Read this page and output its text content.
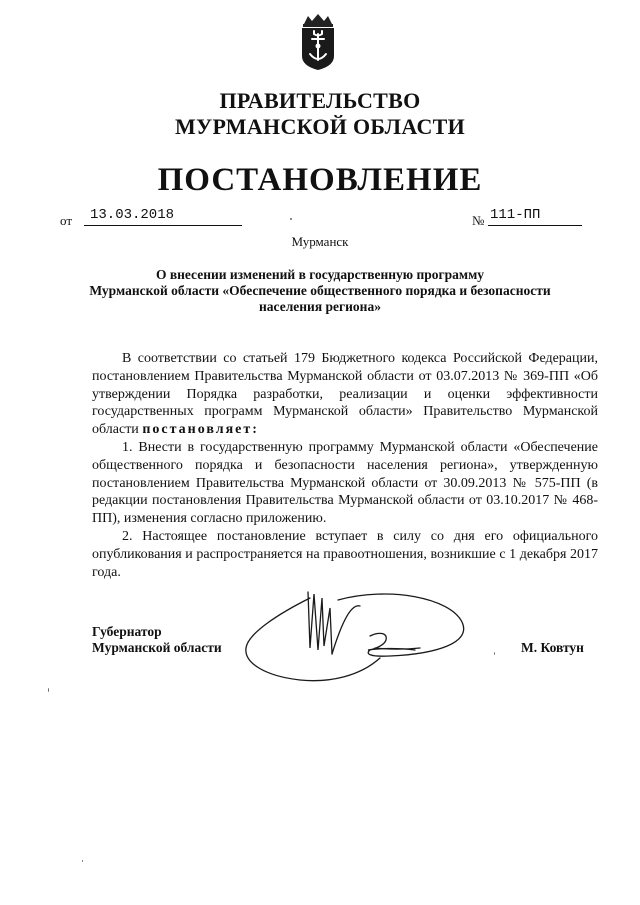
ПРАВИТЕЛЬСТВО
МУРМАНСКОЙ ОБЛАСТИ
ПОСТАНОВЛЕНИЕ
от	13.03.2018	№ 111-ПП
Мурманск
О внесении изменений в государственную программу
Мурманской области «Обеспечение общественного порядка и безопасности
населения региона»

В соответствии со статьей 179 Бюджетного кодекса Российской Федерации, постановлением Правительства Мурманской области от 03.07.2013 № 369-ПП «Об утверждении Порядка разработки, реализации и оценки эффективности государственных программ Мурманской области» Правительство Мурманской области постановляет:

1. Внести в государственную программу Мурманской области «Обеспечение общественного порядка и безопасности населения региона», утвержденную постановлением Правительства Мурманской области от 30.09.2013 № 575-ПП (в редакции постановления Правительства Мурманской области от 03.10.2017 № 468-ПП), изменения согласно приложению.

2. Настоящее постановление вступает в силу со дня его официального опубликования и распространяется на правоотношения, возникшие с 1 декабря 2017 года.

Губернатор
Мурманской области	М. Ковтун
